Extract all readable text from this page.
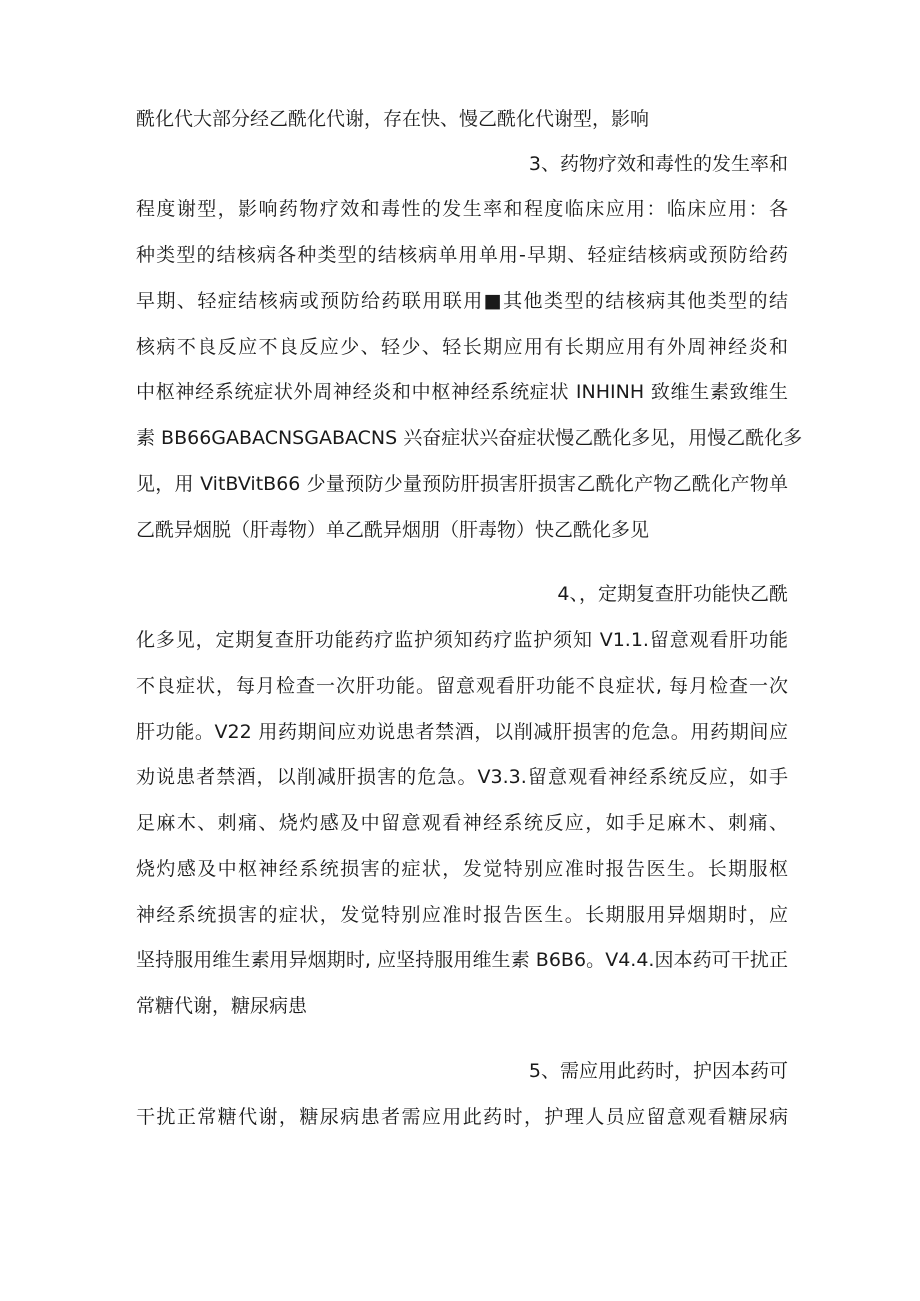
酰化代大部分经乙酰化代谢，存在快、慢乙酰化代谢型，影响
3、药物疗效和毒性的发生率和
程度谢型，影响药物疗效和毒性的发生率和程度临床应用：临床应用：各
种类型的结核病各种类型的结核病单用单用-早期、轻症结核病或预防给药
早期、轻症结核病或预防给药联用联用■其他类型的结核病其他类型的结
核病不良反应不良反应少、轻少、轻长期应用有长期应用有外周神经炎和
中枢神经系统症状外周神经炎和中枢神经系统症状 INHINH 致维生素致维生
素 BB66GABACNSGABACNS 兴奋症状兴奋症状慢乙酰化多见，用慢乙酰化多
见，用 VitBVitB66 少量预防少量预防肝损害肝损害乙酰化产物乙酰化产物单
乙酰异烟脱（肝毒物）单乙酰异烟朋（肝毒物）快乙酰化多见
4、，定期复查肝功能快乙酰
化多见，定期复查肝功能药疗监护须知药疗监护须知 V1.1.留意观看肝功能
不良症状，每月检查一次肝功能。留意观看肝功能不良症状, 每月检查一次
肝功能。V22 用药期间应劝说患者禁酒，以削减肝损害的危急。用药期间应
劝说患者禁酒，以削减肝损害的危急。V3.3.留意观看神经系统反应，如手
足麻木、刺痛、烧灼感及中留意观看神经系统反应，如手足麻木、刺痛、
烧灼感及中枢神经系统损害的症状，发觉特别应准时报告医生。长期服枢
神经系统损害的症状，发觉特别应准时报告医生。长期服用异烟期时，应
坚持服用维生素用异烟期时, 应坚持服用维生素 B6B6。V4.4.因本药可干扰正
常糖代谢，糖尿病患
5、需应用此药时，护因本药可
干扰正常糖代谢，糖尿病患者需应用此药时，护理人员应留意观看糖尿病
